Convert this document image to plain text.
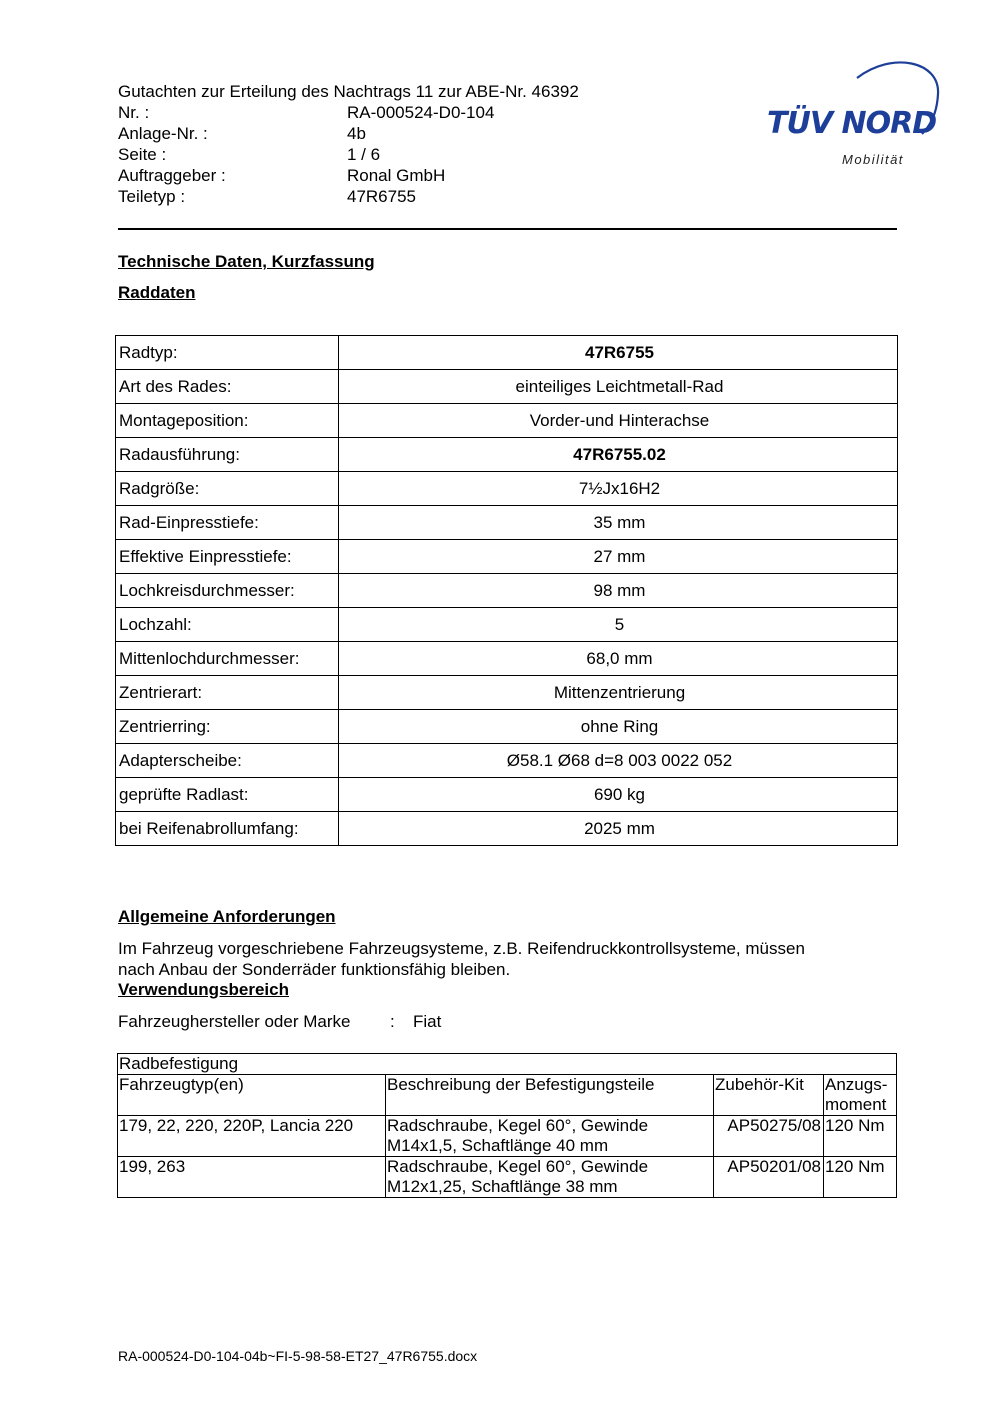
Gutachten zur Erteilung des Nachtrags 11 zur ABE-Nr. 46392
Nr. :	RA-000524-D0-104
Anlage-Nr. :	4b
Seite :	1 / 6
Auftraggeber :	Ronal GmbH
Teiletyp :	47R6755
TÜV NORD
Mobilität
Technische Daten, Kurzfassung
Raddaten
Radtyp:	47R6755
Art des Rades:	einteiliges Leichtmetall-Rad
Montageposition:	Vorder-und Hinterachse
Radausführung:	47R6755.02
Radgröße:	7½Jx16H2
Rad-Einpresstiefe:	35 mm
Effektive Einpresstiefe:	27 mm
Lochkreisdurchmesser:	98 mm
Lochzahl:	5
Mittenlochdurchmesser:	68,0 mm
Zentrierart:	Mittenzentrierung
Zentrierring:	ohne Ring
Adapterscheibe:	Ø58.1 Ø68 d=8 003 0022 052
geprüfte Radlast:	690 kg
bei Reifenabrollumfang:	2025 mm
Allgemeine Anforderungen
Im Fahrzeug vorgeschriebene Fahrzeugsysteme, z.B. Reifendruckkontrollsysteme, müssen
nach Anbau der Sonderräder funktionsfähig bleiben.
Verwendungsbereich
Fahrzeughersteller oder Marke	:	Fiat
Radbefestigung			
Fahrzeugtyp(en)	Beschreibung der Befestigungsteile	Zubehör-Kit	Anzugs-
moment

179, 22, 220, 220P, Lancia 220	Radschraube, Kegel 60°, Gewinde
M14x1,5, Schaftlänge 40 mm	AP50275/08	120 Nm
199, 263	Radschraube, Kegel 60°, Gewinde
M12x1,25, Schaftlänge 38 mm	AP50201/08	120 Nm
RA-000524-D0-104-04b~FI-5-98-58-ET27_47R6755.docx
